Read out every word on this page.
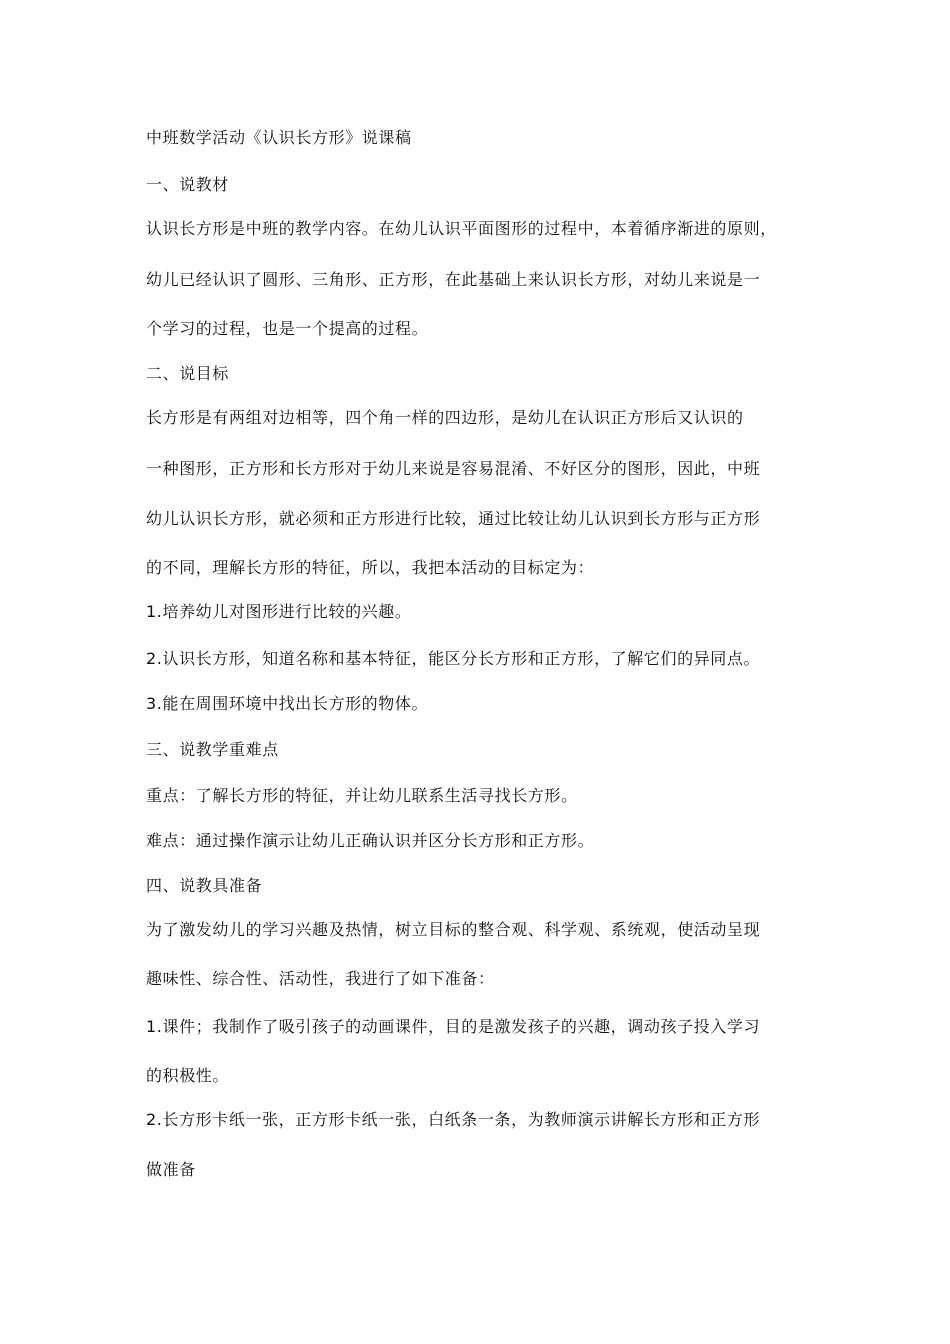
中班数学活动《认识长方形》说课稿
一、说教材
认识长方形是中班的教学内容。在幼儿认识平面图形的过程中，本着循序渐进的原则，
幼儿已经认识了圆形、三角形、正方形，在此基础上来认识长方形，对幼儿来说是一
个学习的过程，也是一个提高的过程。
二、说目标
长方形是有两组对边相等，四个角一样的四边形，是幼儿在认识正方形后又认识的
一种图形，正方形和长方形对于幼儿来说是容易混淆、不好区分的图形，因此，中班
幼儿认识长方形，就必须和正方形进行比较，通过比较让幼儿认识到长方形与正方形
的不同，理解长方形的特征，所以，我把本活动的目标定为：
1.培养幼儿对图形进行比较的兴趣。
2.认识长方形，知道名称和基本特征，能区分长方形和正方形，了解它们的异同点。
3.能在周围环境中找出长方形的物体。
三、说教学重难点
重点：了解长方形的特征，并让幼儿联系生活寻找长方形。
难点：通过操作演示让幼儿正确认识并区分长方形和正方形。
四、说教具准备
为了激发幼儿的学习兴趣及热情，树立目标的整合观、科学观、系统观，使活动呈现
趣味性、综合性、活动性，我进行了如下准备：
1.课件；我制作了吸引孩子的动画课件，目的是激发孩子的兴趣，调动孩子投入学习
的积极性。
2.长方形卡纸一张，正方形卡纸一张，白纸条一条，为教师演示讲解长方形和正方形
做准备
